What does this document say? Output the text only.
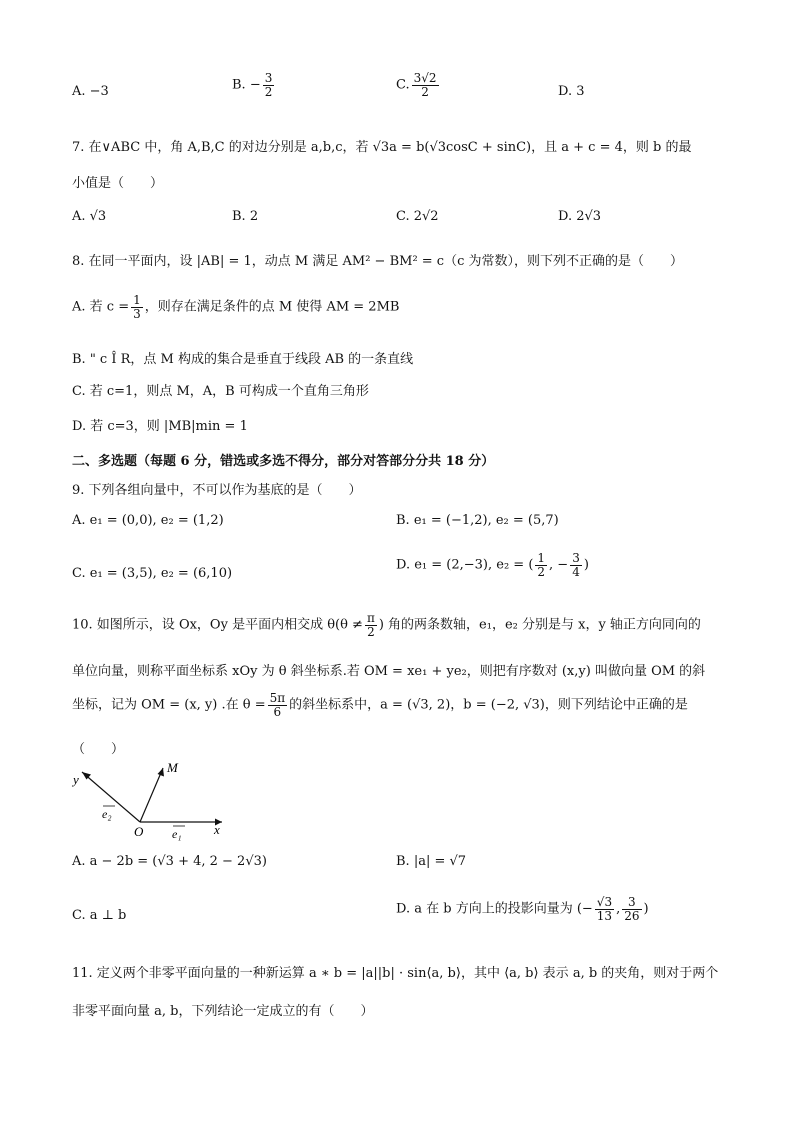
A. −3	B. − $\frac{3}{2}$	C. $\frac{3√2}{2}$	D. 3
7. 在∨ABC 中，角 A,B,C 的对边分别是 a,b,c，若 √3a = b(√3cosC + sinC)，且 a + c = 4，则 b 的最
小值是（　　）
A. √3	B. 2	C. 2√2	D. 2√3
8. 在同一平面内，设 |AB| = 1，动点 M 满足 AM² − BM² = c（c 为常数），则下列不正确的是（　　）
A. 若 $c = \frac{1}{3}$ ，则存在满足条件的点 M 使得 AM = 2MB
B. " c Î R，点 M 构成的集合是垂直于线段 AB 的一条直线
C. 若 c=1，则点 M，A，B 可构成一个直角三角形
D. 若 c=3，则 |MB|min = 1
二、多选题（每题 6 分，错选或多选不得分，部分对答部分分共 18 分）
9. 下列各组向量中，不可以作为基底的是（　　）
A. e₁ = (0,0), e₂ = (1,2)	B. e₁ = (−1,2), e₂ = (5,7)
C. e₁ = (3,5), e₂ = (6,10)
D. e₁ = (2,−3), e₂ = ( $\frac{1}{2}$ , − $\frac{3}{4}$ )
10. 如图所示，设 Ox，Oy 是平面内相交成 $\theta(\theta \ne \frac{\pi}{2}$ ) 角的两条数轴，e₁，e₂ 分别是与 x，y 轴正方向同向的
单位向量，则称平面坐标系 xOy 为 θ 斜坐标系.若 OM = xe₁ + ye₂，则把有序数对 (x,y) 叫做向量 OM 的斜
坐标，记为 OM = (x, y) .在 $\theta = \frac{5\pi}{6}$ 的斜坐标系中，a = (√3, 2)，b = (−2, √3)，则下列结论中正确的是
（　　）
y
M
O	x
e₂
e₁
A. a − 2b = (√3 + 4, 2 − 2√3)	B. |a| = √7
C. a ⊥ b	D. a 在 b 方向上的投影向量为 (− $\frac{√3}{13}$ , $\frac{3}{26}$ )
11. 定义两个非零平面向量的一种新运算 a ∗ b = |a||b| · sin⟨a, b⟩，其中 ⟨a, b⟩ 表示 a, b 的夹角，则对于两个
非零平面向量 a, b，下列结论一定成立的有（　　）
